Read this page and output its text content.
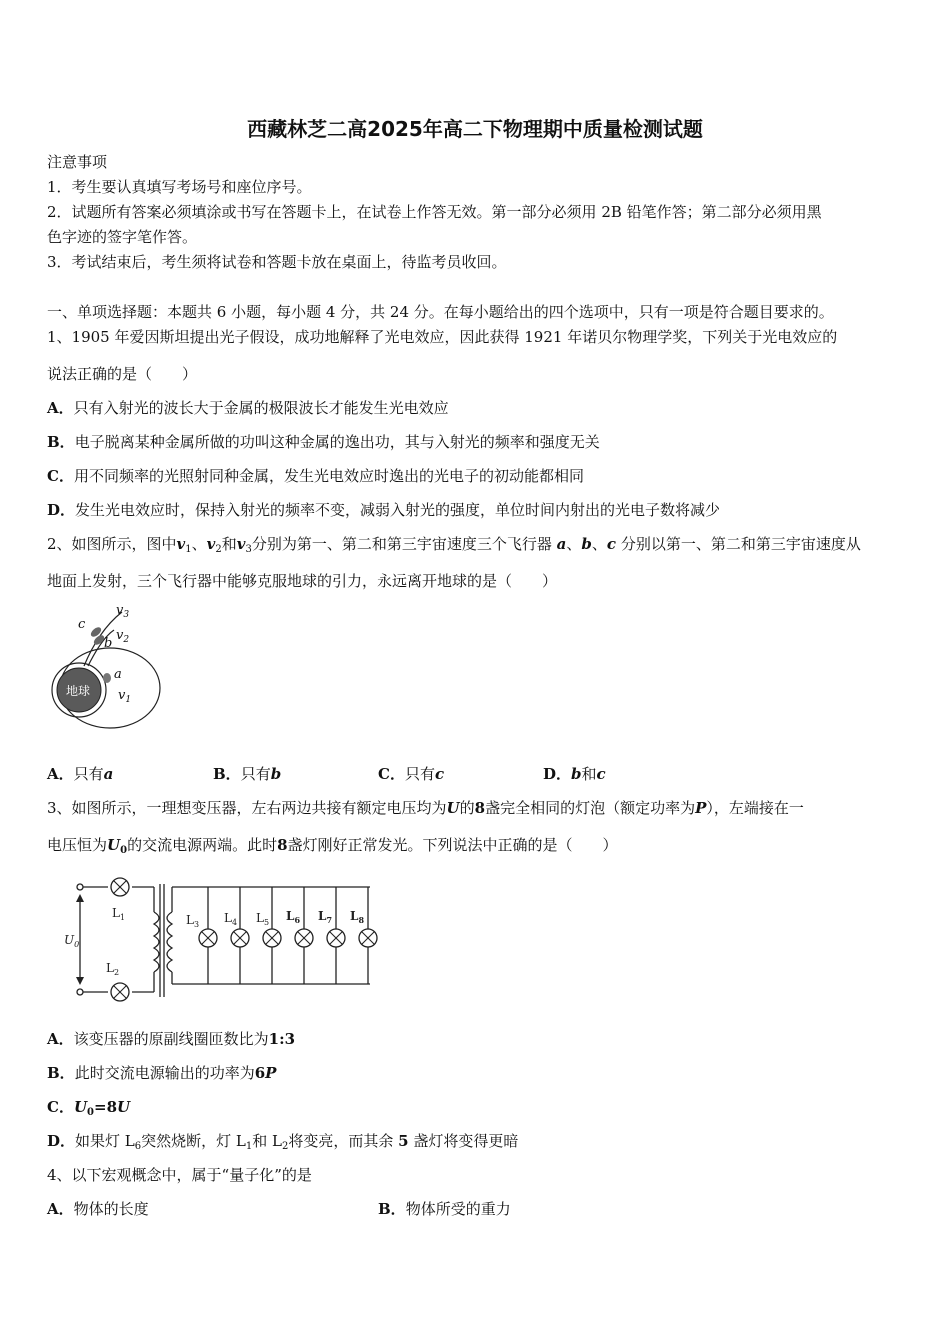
西藏林芝二高2025年高二下物理期中质量检测试题
注意事项
1．考生要认真填写考场号和座位序号。
2．试题所有答案必须填涂或书写在答题卡上，在试卷上作答无效。第一部分必须用 2B 铅笔作答；第二部分必须用黑
色字迹的签字笔作答。
3．考试结束后，考生须将试卷和答题卡放在桌面上，待监考员收回。
一、单项选择题：本题共 6 小题，每小题 4 分，共 24 分。在每小题给出的四个选项中，只有一项是符合题目要求的。
1、1905 年爱因斯坦提出光子假设，成功地解释了光电效应，因此获得 1921 年诺贝尔物理学奖，下列关于光电效应的
说法正确的是（　　）
A．只有入射光的波长大于金属的极限波长才能发生光电效应
B．电子脱离某种金属所做的功叫这种金属的逸出功，其与入射光的频率和强度无关
C．用不同频率的光照射同种金属，发生光电效应时逸出的光电子的初动能都相同
D．发生光电效应时，保持入射光的频率不变，减弱入射光的强度，单位时间内射出的光电子数将减少
2、如图所示，图中$v_1$、$v_2$和$v_3$分别为第一、第二和第三宇宙速度三个飞行器 a、b、c 分别以第一、第二和第三宇宙速度从
地面上发射，三个飞行器中能够克服地球的引力，永远离开地球的是（　　）
地球
$v_3$
$v_2$
$v_1$
a
b
c
A．只有a	B．只有b	C．只有c	D．b和c
3、如图所示，一理想变压器，左右两边共接有额定电压均为U的8盏完全相同的灯泡（额定功率为P），左端接在一
电压恒为$U_0$的交流电源两端。此时8盏灯刚好正常发光。下列说法中正确的是（　　）
$U_0$
$L_1$
$L_2$
$L_3$ $L_4$ $L_5$ $L_6$ $L_7$ $L_8$
A．该变压器的原副线圈匝数比为1:3
B．此时交流电源输出的功率为6P
C．$U_0=8U$
D．如果灯 $L_6$突然烧断，灯 $L_1$和 $L_2$将变亮，而其余 5 盏灯将变得更暗
4、以下宏观概念中，属于“量子化”的是
A．物体的长度	B．物体所受的重力
